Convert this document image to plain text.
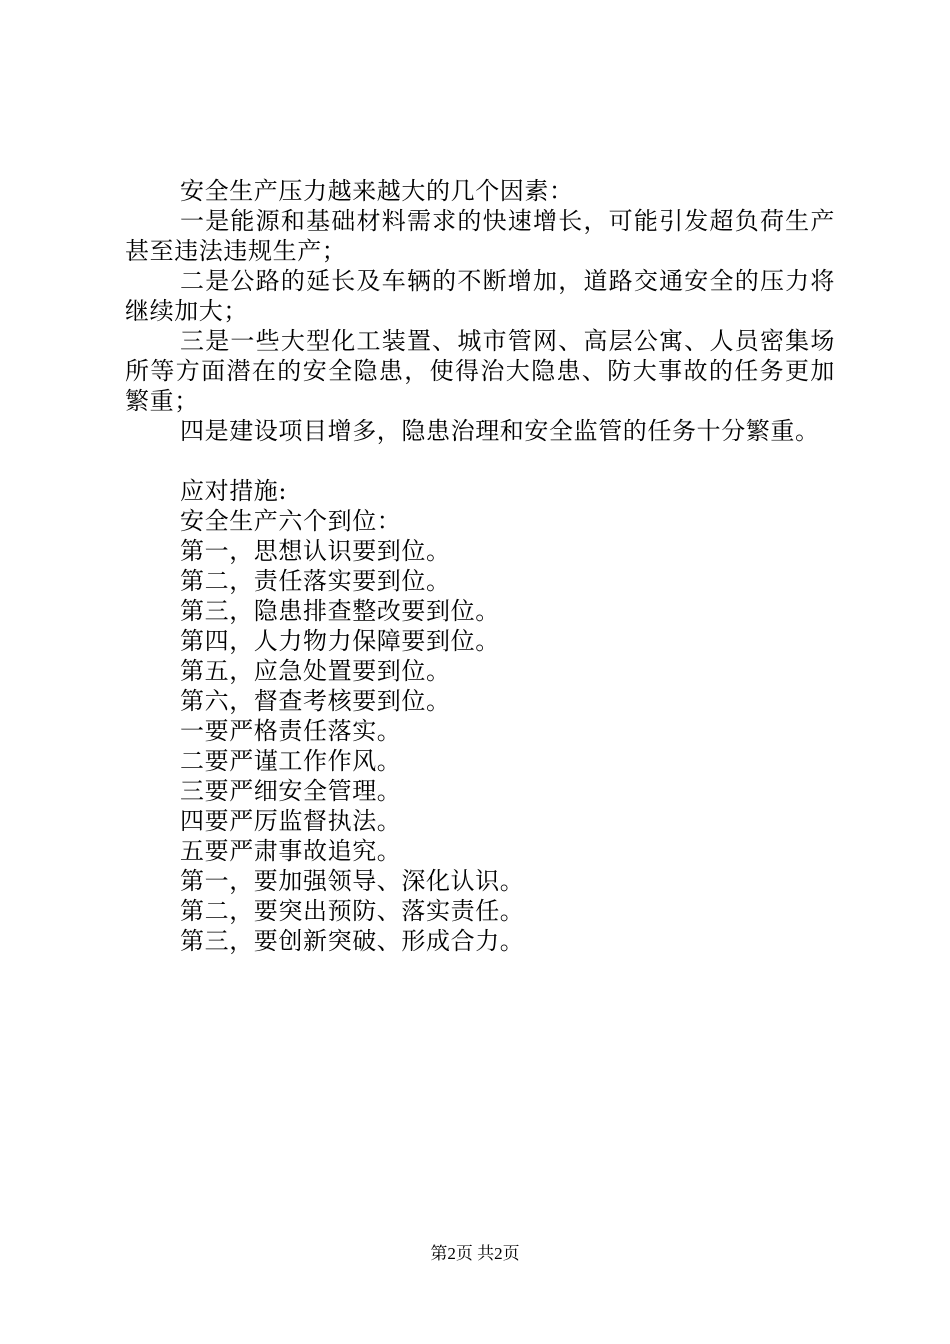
安全生产压力越来越大的几个因素：

一是能源和基础材料需求的快速增长，可能引发超负荷生产甚至违法违规生产；

二是公路的延长及车辆的不断增加，道路交通安全的压力将继续加大；

三是一些大型化工装置、城市管网、高层公寓、人员密集场所等方面潜在的安全隐患，使得治大隐患、防大事故的任务更加繁重；

四是建设项目增多，隐患治理和安全监管的任务十分繁重。

应对措施:

安全生产六个到位：

第一，思想认识要到位。

第二，责任落实要到位。

第三，隐患排查整改要到位。

第四，人力物力保障要到位。

第五，应急处置要到位。

第六，督查考核要到位。

一要严格责任落实。

二要严谨工作作风。

三要严细安全管理。

四要严厉监督执法。

五要严肃事故追究。

第一，要加强领导、深化认识。

第二，要突出预防、落实责任。

第三，要创新突破、形成合力。

第2页 共2页
